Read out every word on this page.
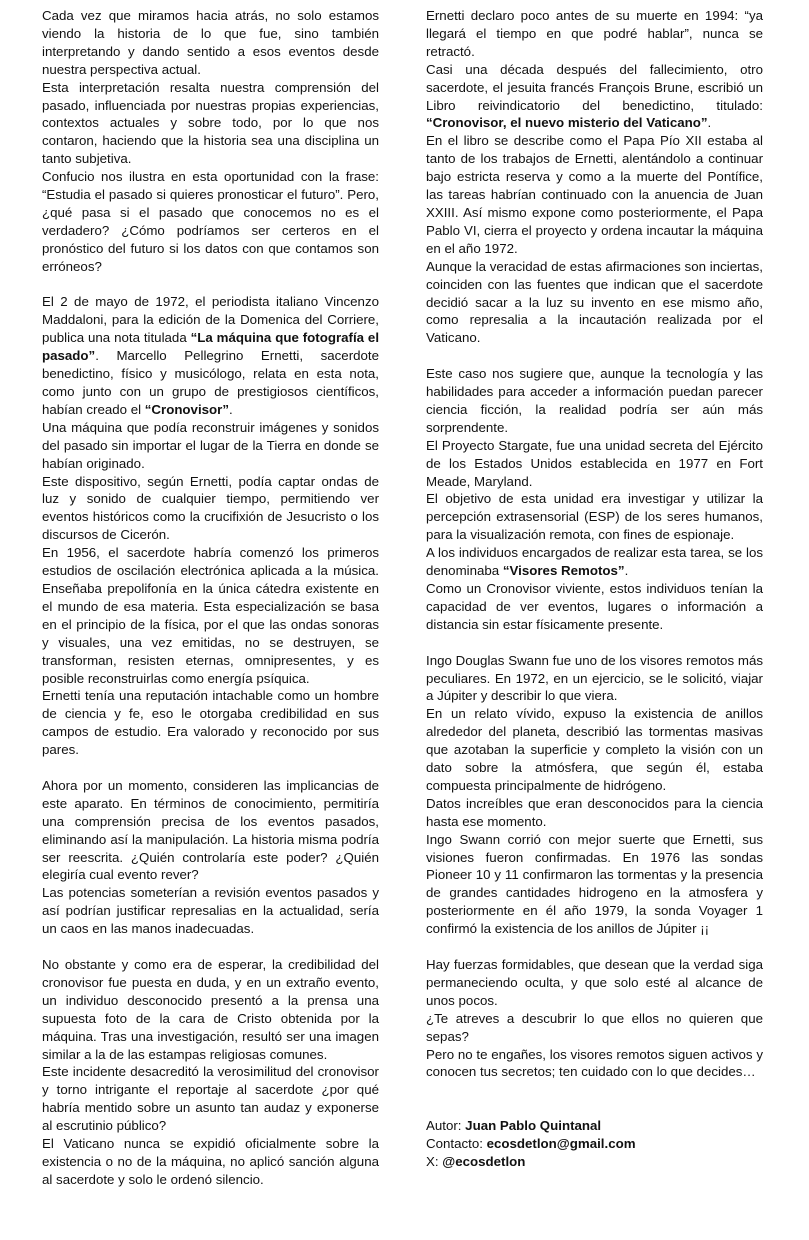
Cada vez que miramos hacia atrás, no solo estamos viendo la historia de lo que fue, sino también interpretando y dando sentido a esos eventos desde nuestra perspectiva actual.

Esta interpretación resalta nuestra comprensión del pasado, influenciada por nuestras propias experiencias, contextos actuales y sobre todo, por lo que nos contaron, haciendo que la historia sea una disciplina un tanto subjetiva.

Confucio nos ilustra en esta oportunidad con la frase: “Estudia el pasado si quieres pronosticar el futuro”. Pero, ¿qué pasa si el pasado que conocemos no es el verdadero? ¿Cómo podríamos ser certeros en el pronóstico del futuro si los datos con que contamos son erróneos?

El 2 de mayo de 1972, el periodista italiano Vincenzo Maddaloni, para la edición de la Domenica del Corriere, publica una nota titulada “La máquina que fotografía el pasado”. Marcello Pellegrino Ernetti, sacerdote benedictino, físico y musicólogo, relata en esta nota, como junto con un grupo de prestigiosos científicos, habían creado el “Cronovisor”.

Una máquina que podía reconstruir imágenes y sonidos del pasado sin importar el lugar de la Tierra en donde se habían originado.

Este dispositivo, según Ernetti, podía captar ondas de luz y sonido de cualquier tiempo, permitiendo ver eventos históricos como la crucifixión de Jesucristo o los discursos de Cicerón.

En 1956, el sacerdote habría comenzó los primeros estudios de oscilación electrónica aplicada a la música. Enseñaba prepolifonía en la única cátedra existente en el mundo de esa materia. Esta especialización se basa en el principio de la física, por el que las ondas sonoras y visuales, una vez emitidas, no se destruyen, se transforman, resisten eternas, omnipresentes, y es posible reconstruirlas como energía psíquica.

Ernetti tenía una reputación intachable como un hombre de ciencia y fe, eso le otorgaba credibilidad en sus campos de estudio. Era valorado y reconocido por sus pares.

Ahora por un momento, consideren las implicancias de este aparato. En términos de conocimiento, permitiría una comprensión precisa de los eventos pasados, eliminando así la manipulación. La historia misma podría ser reescrita. ¿Quién controlaría este poder? ¿Quién elegiría cual evento rever?

Las potencias someterían a revisión eventos pasados y así podrían justificar represalias en la actualidad, sería un caos en las manos inadecuadas.

No obstante y como era de esperar, la credibilidad del cronovisor fue puesta en duda, y en un extraño evento, un individuo desconocido presentó a la prensa una supuesta foto de la cara de Cristo obtenida por la máquina. Tras una investigación, resultó ser una imagen similar a la de las estampas religiosas comunes.

Este incidente desacreditó la verosimilitud del cronovisor y torno intrigante el reportaje al sacerdote ¿por qué habría mentido sobre un asunto tan audaz y exponerse al escrutinio público?

El Vaticano nunca se expidió oficialmente sobre la existencia o no de la máquina, no aplicó sanción alguna al sacerdote y solo le ordenó silencio.

Ernetti declaro poco antes de su muerte en 1994: “ya llegará el tiempo en que podré hablar”, nunca se retractó.

Casi una década después del fallecimiento, otro sacerdote, el jesuita francés François Brune, escribió un Libro reivindicatorio del benedictino, titulado: “Cronovisor, el nuevo misterio del Vaticano”.

En el libro se describe como el Papa Pío XII estaba al tanto de los trabajos de Ernetti, alentándolo a continuar bajo estricta reserva y como a la muerte del Pontífice, las tareas habrían continuado con la anuencia de Juan XXIII. Así mismo expone como posteriormente, el Papa Pablo VI, cierra el proyecto y ordena incautar la máquina en el año 1972.

Aunque la veracidad de estas afirmaciones son inciertas, coinciden con las fuentes que indican que el sacerdote decidió sacar a la luz su invento en ese mismo año, como represalia a la incautación realizada por el Vaticano.

Este caso nos sugiere que, aunque la tecnología y las habilidades para acceder a información puedan parecer ciencia ficción, la realidad podría ser aún más sorprendente.

El Proyecto Stargate, fue una unidad secreta del Ejército de los Estados Unidos establecida en 1977 en Fort Meade, Maryland.

El objetivo de esta unidad era investigar y utilizar la percepción extrasensorial (ESP) de los seres humanos, para la visualización remota, con fines de espionaje.

A los individuos encargados de realizar esta tarea, se los denominaba “Visores Remotos”.

Como un Cronovisor viviente, estos individuos tenían la capacidad de ver eventos, lugares o información a distancia sin estar físicamente presente.

Ingo Douglas Swann fue uno de los visores remotos más peculiares. En 1972, en un ejercicio, se le solicitó, viajar a Júpiter y describir lo que viera.

En un relato vívido, expuso la existencia de anillos alrededor del planeta, describió las tormentas masivas que azotaban la superficie y completo la visión con un dato sobre la atmósfera, que según él, estaba compuesta principalmente de hidrógeno.

Datos increíbles que eran desconocidos para la ciencia hasta ese momento.

Ingo Swann corrió con mejor suerte que Ernetti, sus visiones fueron confirmadas. En 1976 las sondas Pioneer 10 y 11 confirmaron las tormentas y la presencia de grandes cantidades hidrogeno en la atmosfera y posteriormente en él año 1979, la sonda Voyager 1 confirmó la existencia de los anillos de Júpiter ¡¡

Hay fuerzas formidables, que desean que la verdad siga permaneciendo oculta, y que solo esté al alcance de unos pocos.

¿Te atreves a descubrir lo que ellos no quieren que sepas?

Pero no te engañes, los visores remotos siguen activos y conocen tus secretos; ten cuidado con lo que decides…

Autor: Juan Pablo Quintanal
Contacto: ecosdetlon@gmail.com
X: @ecosdetlon
